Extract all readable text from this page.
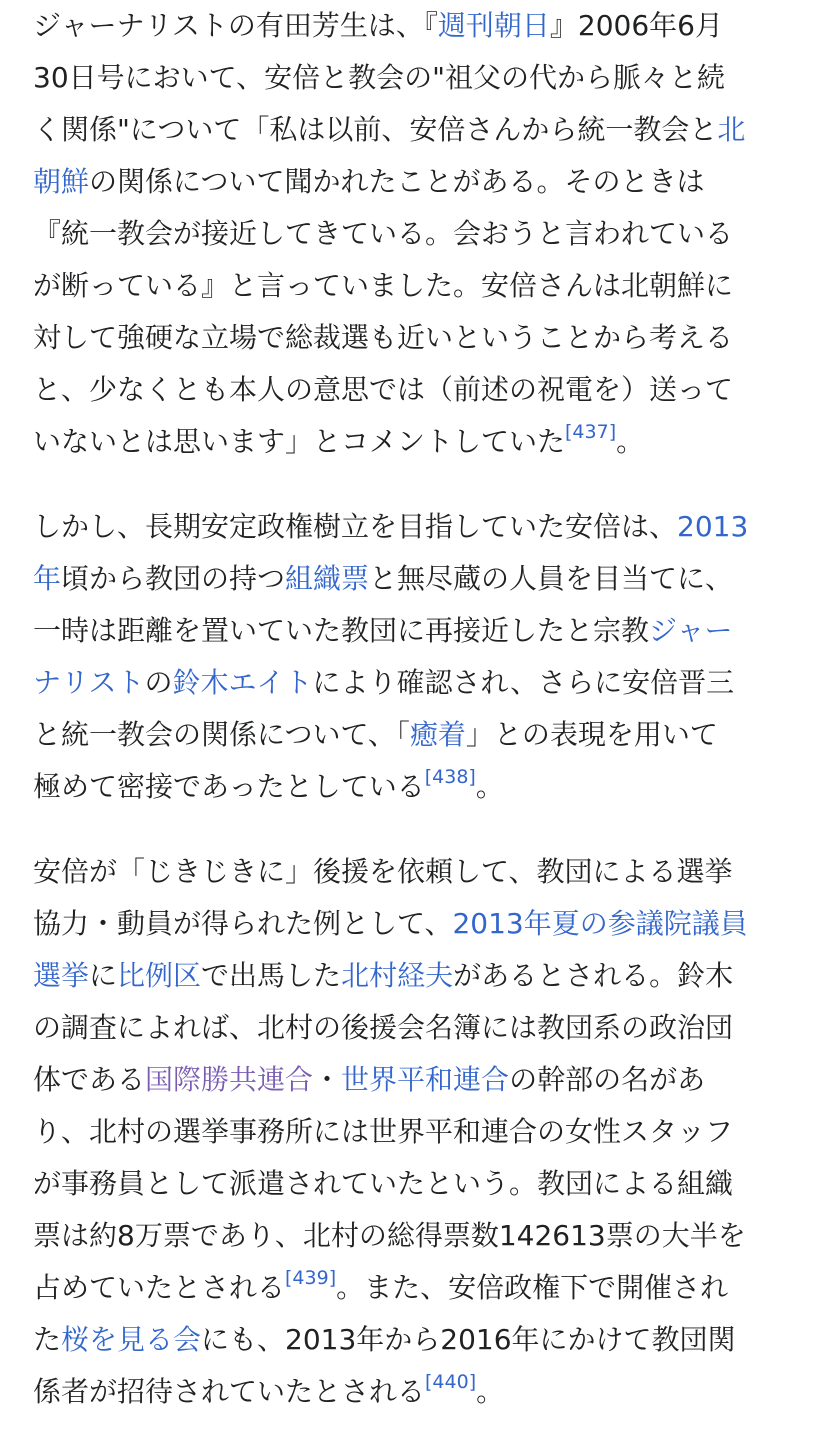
ジャーナリストの有田芳生は、『週刊朝日』2006年6月
30日号において、安倍と教会の"祖父の代から脈々と続
く関係"について「私は以前、安倍さんから統一教会と北
朝鮮の関係について聞かれたことがある。そのときは
『統一教会が接近してきている。会おうと言われている
が断っている』と言っていました。安倍さんは北朝鮮に
対して強硬な立場で総裁選も近いということから考える
と、少なくとも本人の意思では（前述の祝電を）送って
いないとは思います」とコメントしていた[437]。
しかし、長期安定政権樹立を目指していた安倍は、2013
年頃から教団の持つ組織票と無尽蔵の人員を目当てに、
一時は距離を置いていた教団に再接近したと宗教ジャー
ナリストの鈴木エイトにより確認され、さらに安倍晋三
と統一教会の関係について、「癒着」との表現を用いて
極めて密接であったとしている[438]。
安倍が「じきじきに」後援を依頼して、教団による選挙
協力・動員が得られた例として、2013年夏の参議院議員
選挙に比例区で出馬した北村経夫があるとされる。鈴木
の調査によれば、北村の後援会名簿には教団系の政治団
体である国際勝共連合・世界平和連合の幹部の名があ
り、北村の選挙事務所には世界平和連合の女性スタッフ
が事務員として派遣されていたという。教団による組織
票は約8万票であり、北村の総得票数142613票の大半を
占めていたとされる[439]。また、安倍政権下で開催され
た桜を見る会にも、2013年から2016年にかけて教団関
係者が招待されていたとされる[440]。
